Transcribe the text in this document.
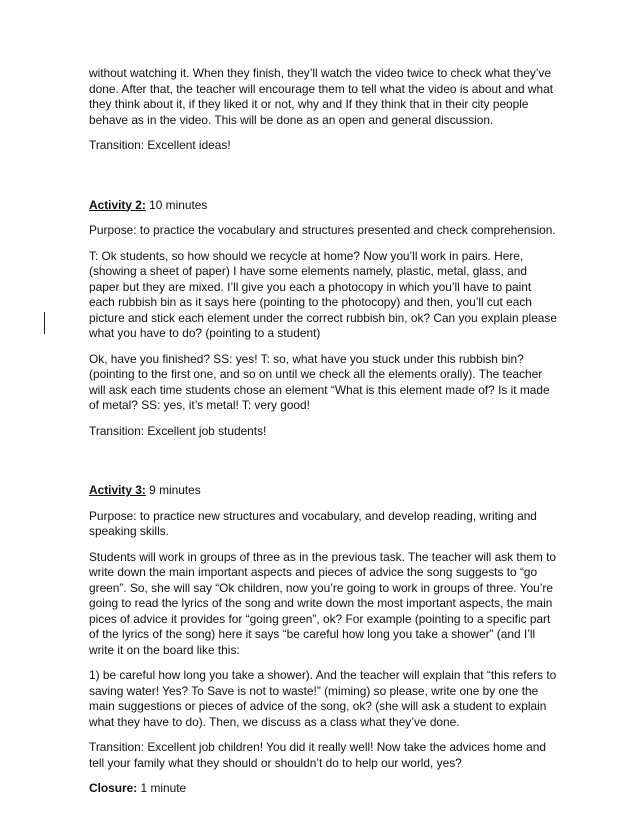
without watching it. When they finish, they’ll watch the video twice to check what they’ve done. After that, the teacher will encourage them to tell what the video is about and what they think about it, if they liked it or not, why and If they think that in their city people behave as in the video. This will be done as an open and general discussion.

Transition: Excellent ideas!

Activity 2: 10 minutes

Purpose: to practice the vocabulary and structures presented and check comprehension.

T: Ok students, so how should we recycle at home? Now you’ll work in pairs. Here, (showing a sheet of paper) I have some elements namely, plastic, metal, glass, and paper but they are mixed. I’ll give you each a photocopy in which you’ll have to paint each rubbish bin as it says here (pointing to the photocopy) and then, you’ll cut each picture and stick each element under the correct rubbish bin, ok? Can you explain please what you have to do? (pointing to a student)

Ok, have you finished? SS: yes! T: so, what have you stuck under this rubbish bin? (pointing to the first one, and so on until we check all the elements orally). The teacher will ask each time students chose an element “What is this element made of? Is it made of metal? SS: yes, it’s metal! T: very good!

Transition: Excellent job students!

Activity 3: 9 minutes

Purpose: to practice new structures and vocabulary, and develop reading, writing and speaking skills.

Students will work in groups of three as in the previous task. The teacher will ask them to write down the main important aspects and pieces of advice the song suggests to “go green”. So, she will say “Ok children, now you’re going to work in groups of three. You’re going to read the lyrics of the song and write down the most important aspects, the main pices of advice it provides for “going green”, ok? For example (pointing to a specific part of the lyrics of the song) here it says “be careful how long you take a shower” (and I’ll write it on the board like this:

1) be careful how long you take a shower). And the teacher will explain that “this refers to saving water! Yes? To Save is not to waste!” (miming) so please, write one by one the main suggestions or pieces of advice of the song, ok? (she will ask a student to explain what they have to do). Then, we discuss as a class what they’ve done.

Transition: Excellent job children! You did it really well! Now take the advices home and tell your family what they should or shouldn’t do to help our world, yes?

Closure: 1 minute
